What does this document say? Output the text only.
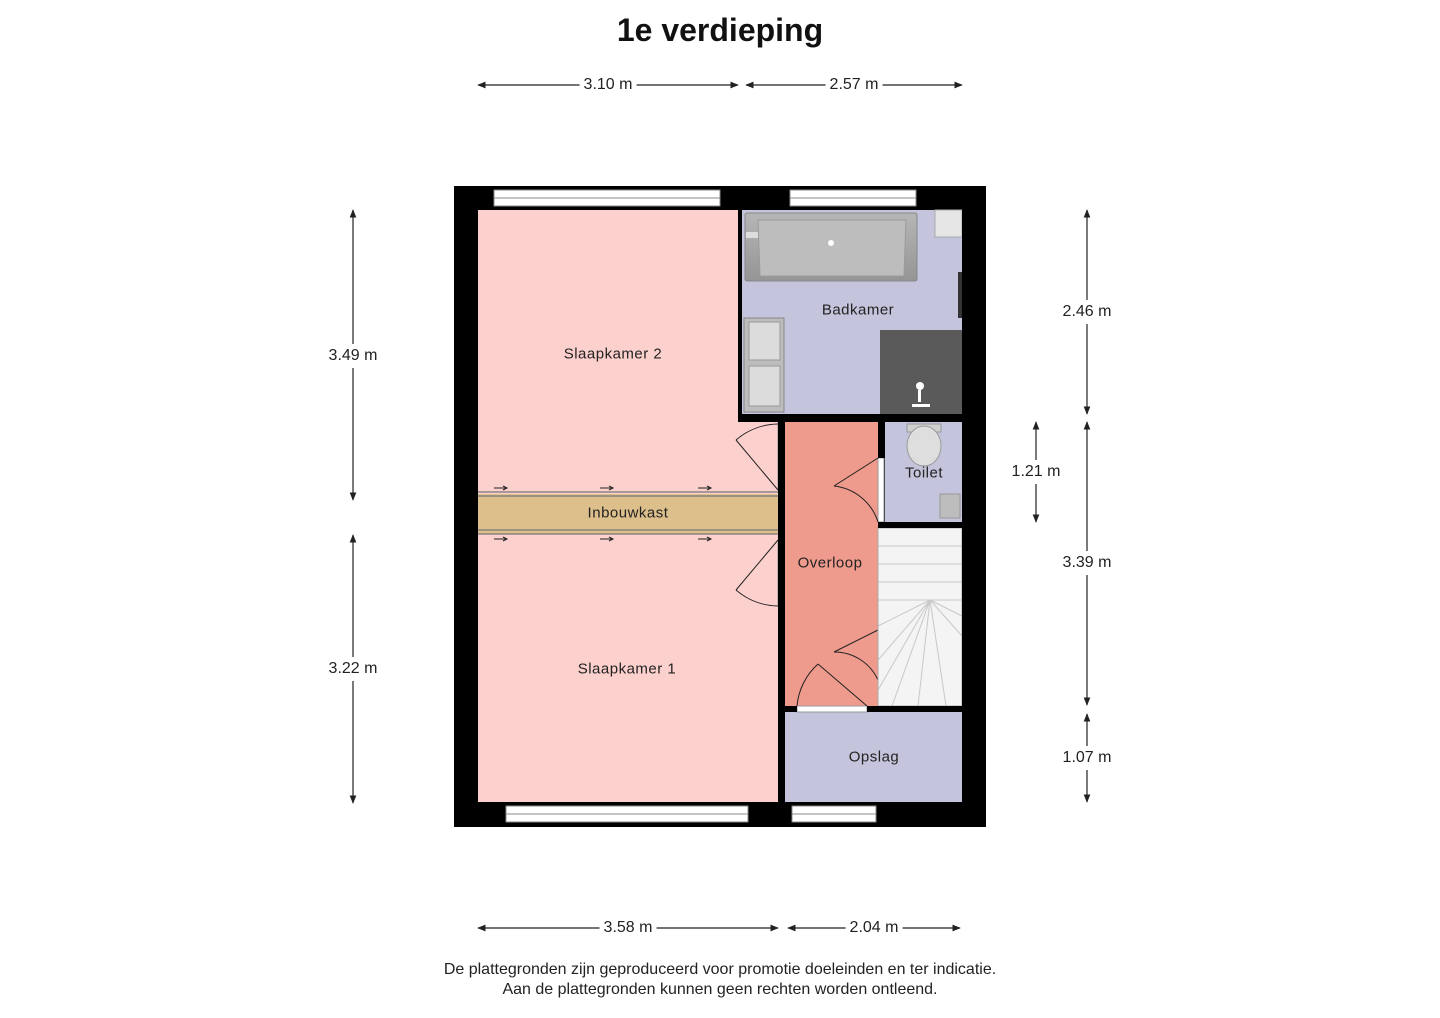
1e verdieping
3.10 m	2.57 m
3.58 m	2.04 m
3.49 m
3.22 m
2.46 m
1.21 m
3.39 m
1.07 m
Slaapkamer 2
Badkamer
Toilet
Inbouwkast
Overloop
Slaapkamer 1
Opslag
De plattegronden zijn geproduceerd voor promotie doeleinden en ter indicatie.
Aan de plattegronden kunnen geen rechten worden ontleend.
